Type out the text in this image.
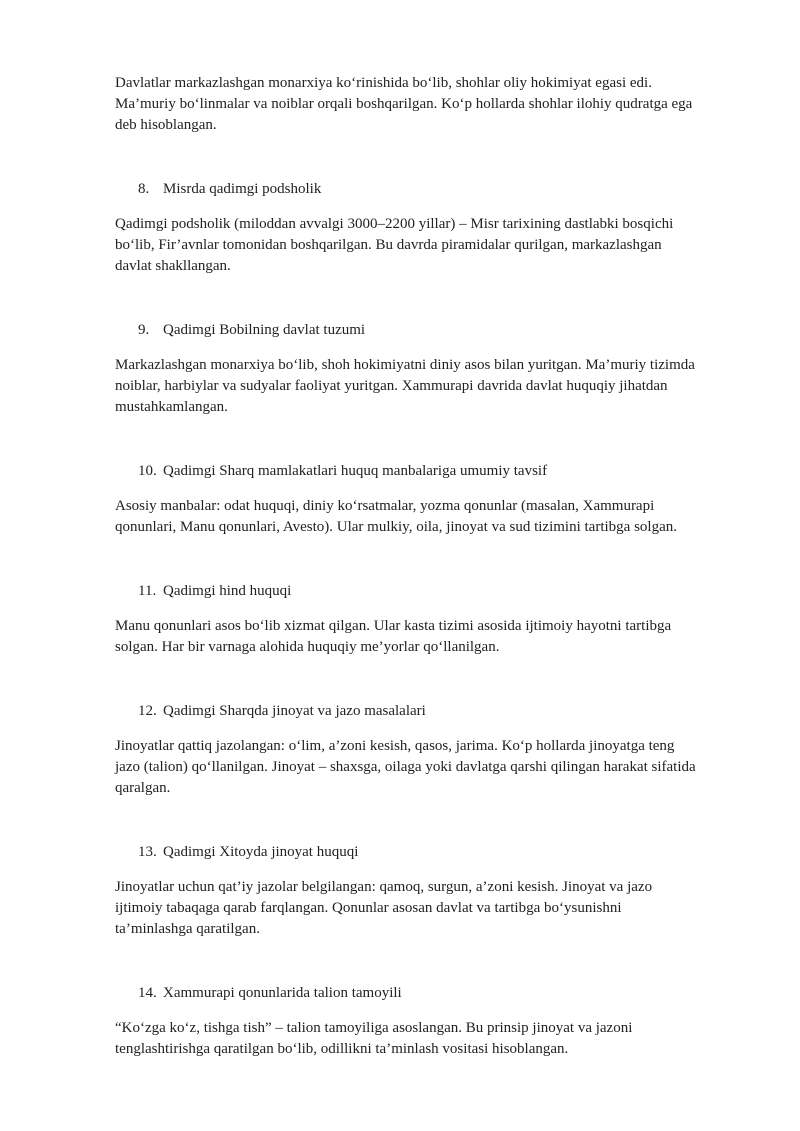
Davlatlar markazlashgan monarxiya ko‘rinishida bo‘lib, shohlar oliy hokimiyat egasi edi.

Ma’muriy bo‘linmalar va noiblar orqali boshqarilgan. Ko‘p hollarda shohlar ilohiy qudratga ega

deb hisoblangan.

8. Misrda qadimgi podsholik

Qadimgi podsholik (miloddan avvalgi 3000–2200 yillar) – Misr tarixining dastlabki bosqichi

bo‘lib, Fir’avnlar tomonidan boshqarilgan. Bu davrda piramidalar qurilgan, markazlashgan

davlat shakllangan.

9. Qadimgi Bobilning davlat tuzumi

Markazlashgan monarxiya bo‘lib, shoh hokimiyatni diniy asos bilan yuritgan. Ma’muriy tizimda

noiblar, harbiylar va sudyalar faoliyat yuritgan. Xammurapi davrida davlat huquqiy jihatdan

mustahkamlangan.

10. Qadimgi Sharq mamlakatlari huquq manbalariga umumiy tavsif

Asosiy manbalar: odat huquqi, diniy ko‘rsatmalar, yozma qonunlar (masalan, Xammurapi

qonunlari, Manu qonunlari, Avesto). Ular mulkiy, oila, jinoyat va sud tizimini tartibga solgan.

11. Qadimgi hind huquqi

Manu qonunlari asos bo‘lib xizmat qilgan. Ular kasta tizimi asosida ijtimoiy hayotni tartibga

solgan. Har bir varnaga alohida huquqiy me’yorlar qo‘llanilgan.

12. Qadimgi Sharqda jinoyat va jazo masalalari

Jinoyatlar qattiq jazolangan: o‘lim, a’zoni kesish, qasos, jarima. Ko‘p hollarda jinoyatga teng

jazo (talion) qo‘llanilgan. Jinoyat – shaxsga, oilaga yoki davlatga qarshi qilingan harakat sifatida

qaralgan.

13. Qadimgi Xitoyda jinoyat huquqi

Jinoyatlar uchun qat’iy jazolar belgilangan: qamoq, surgun, a’zoni kesish. Jinoyat va jazo

ijtimoiy tabaqaga qarab farqlangan. Qonunlar asosan davlat va tartibga bo‘ysunishni

ta’minlashga qaratilgan.

14. Xammurapi qonunlarida talion tamoyili

“Ko‘zga ko‘z, tishga tish” – talion tamoyiliga asoslangan. Bu prinsip jinoyat va jazoni

tenglashtirishga qaratilgan bo‘lib, odillikni ta’minlash vositasi hisoblangan.
